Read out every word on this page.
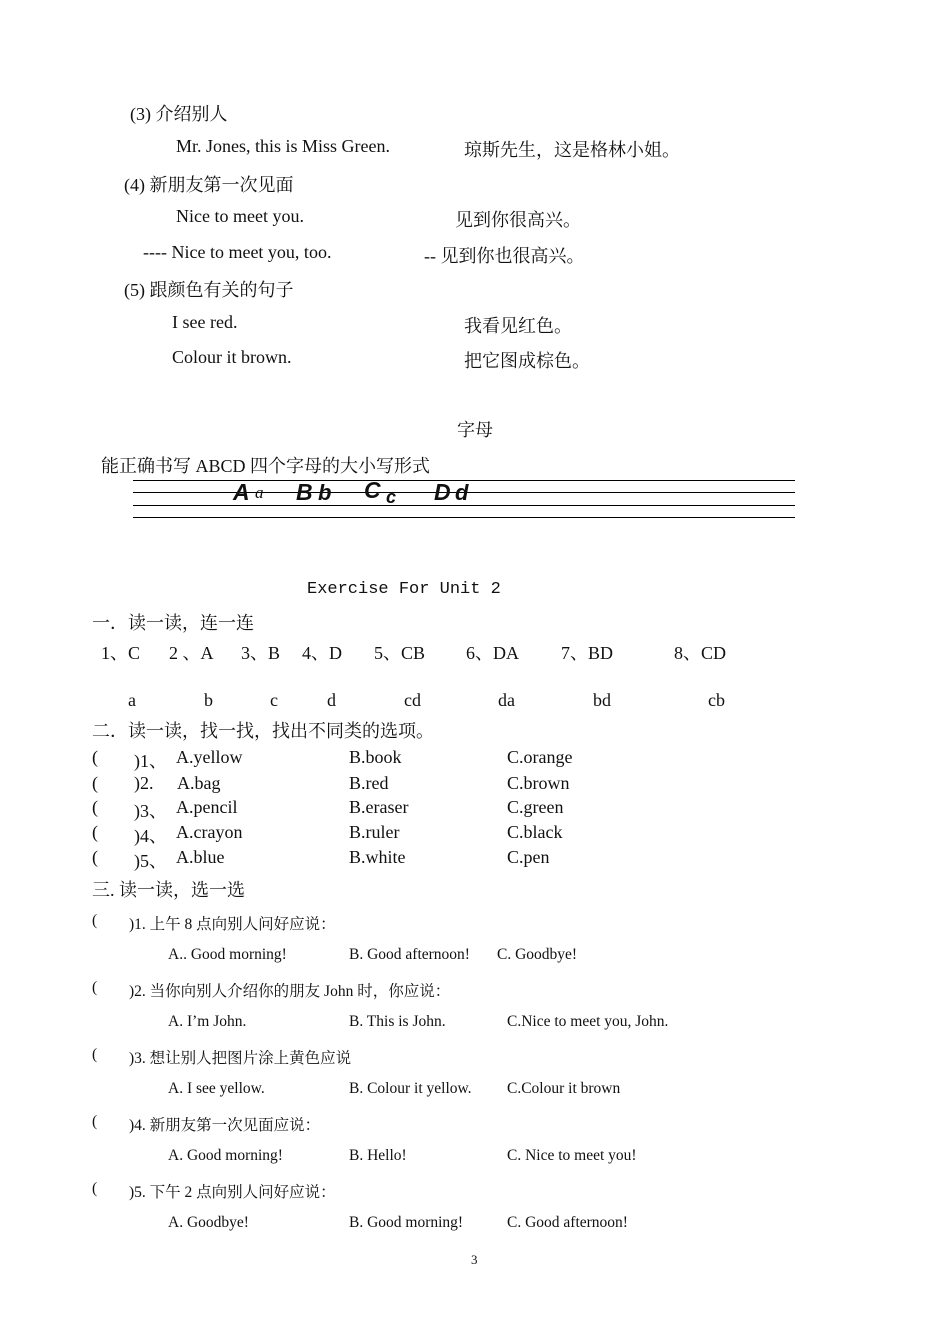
(3) 介绍别人
Mr. Jones, this is Miss Green.	琼斯先生，这是格林小姐。
(4) 新朋友第一次见面
Nice to meet you.	见到你很高兴。
---- Nice to meet you, too.	-- 见到你也很高兴。
(5) 跟颜色有关的句子
I see red.	我看见红色。
Colour it brown.	把它图成棕色。
字母
能正确书写 ABCD 四个字母的大小写形式
A a B b C c D d
Exercise For Unit 2
一．读一读，连一连
1、C 2 、A 3、B 4、D 5、CB 6、DA 7、BD	8、CD
a	b	c	d	cd	da	bd	cb
二．读一读，找一找，找出不同类的选项。
( )1、 A.yellow	B.book	C.orange
( )2. A.bag	B.red	C.brown
( )3、 A.pencil	B.eraser	C.green
( )4、 A.crayon	B.ruler	C.black
( )5、 A.blue	B.white	C.pen
三. 读一读，选一选
( )1. 上午 8 点向别人问好应说：
A.. Good morning!	B. Good afternoon! C. Goodbye!
( )2. 当你向别人介绍你的朋友 John 时，你应说：
A. I’m John.	B. This is John.	C.Nice to meet you, John.
( )3. 想让别人把图片涂上黄色应说
A. I see yellow.	B. Colour it yellow. C.Colour it brown
( )4. 新朋友第一次见面应说：
A. Good morning!	B. Hello!	C. Nice to meet you!
( )5. 下午 2 点向别人问好应说：
A. Goodbye!	B. Good morning!	C. Good afternoon!
3
